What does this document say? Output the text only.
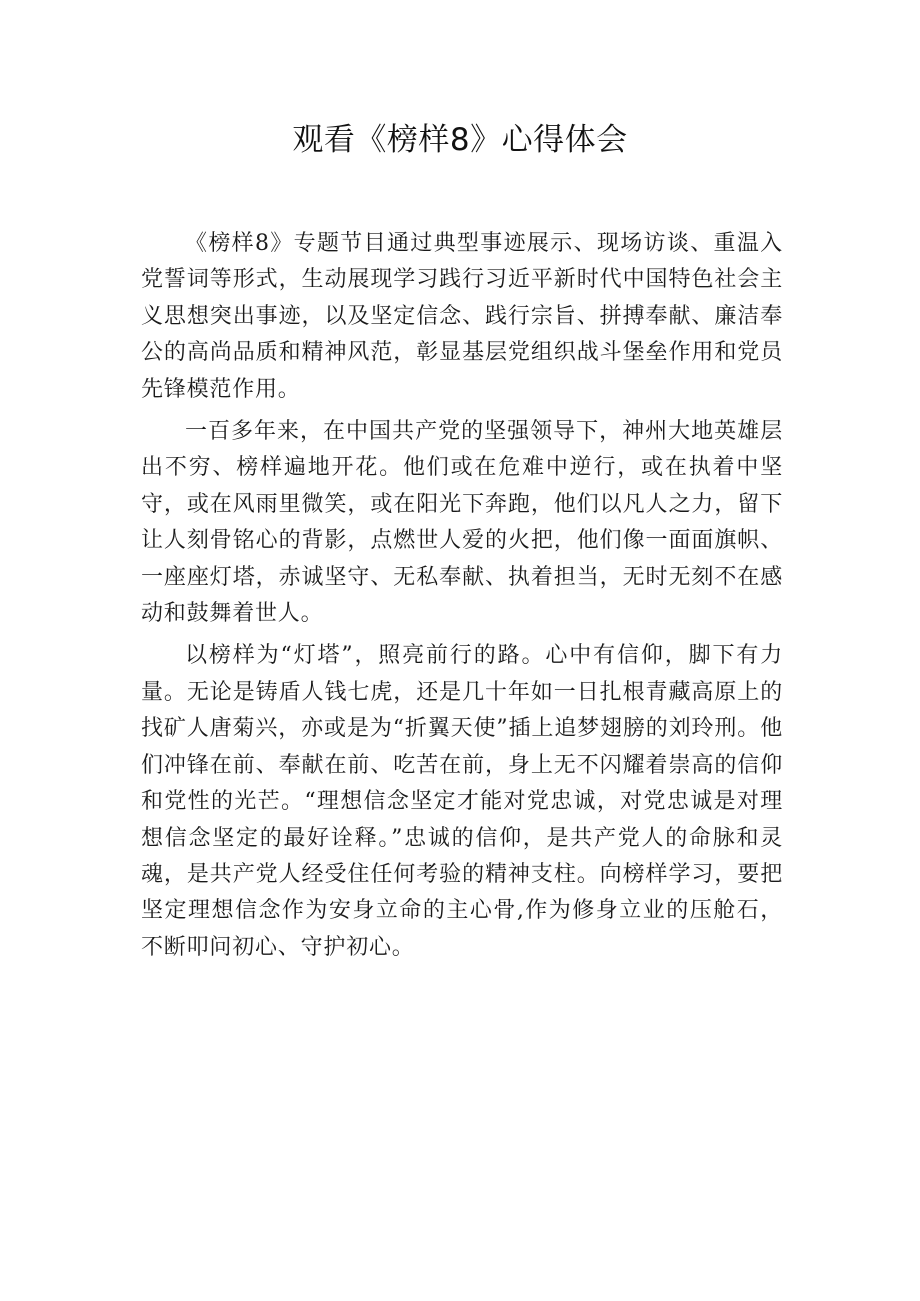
观看《榜样8》心得体会

《榜样8》专题节目通过典型事迹展示、现场访谈、重温入党誓词等形式，生动展现学习践行习近平新时代中国特色社会主义思想突出事迹，以及坚定信念、践行宗旨、拼搏奉献、廉洁奉公的高尚品质和精神风范，彰显基层党组织战斗堡垒作用和党员先锋模范作用。

一百多年来，在中国共产党的坚强领导下，神州大地英雄层出不穷、榜样遍地开花。他们或在危难中逆行，或在执着中坚守，或在风雨里微笑，或在阳光下奔跑，他们以凡人之力，留下让人刻骨铭心的背影，点燃世人爱的火把，他们像一面面旗帜、一座座灯塔，赤诚坚守、无私奉献、执着担当，无时无刻不在感动和鼓舞着世人。

以榜样为“灯塔”，照亮前行的路。心中有信仰，脚下有力量。无论是铸盾人钱七虎，还是几十年如一日扎根青藏高原上的找矿人唐菊兴，亦或是为“折翼天使”插上追梦翅膀的刘玲刑。他们冲锋在前、奉献在前、吃苦在前，身上无不闪耀着崇高的信仰和党性的光芒。“理想信念坚定才能对党忠诚，对党忠诚是对理想信念坚定的最好诠释。”忠诚的信仰，是共产党人的命脉和灵魂，是共产党人经受住任何考验的精神支柱。向榜样学习，要把坚定理想信念作为安身立命的主心骨,作为修身立业的压舱石，不断叩问初心、守护初心。
